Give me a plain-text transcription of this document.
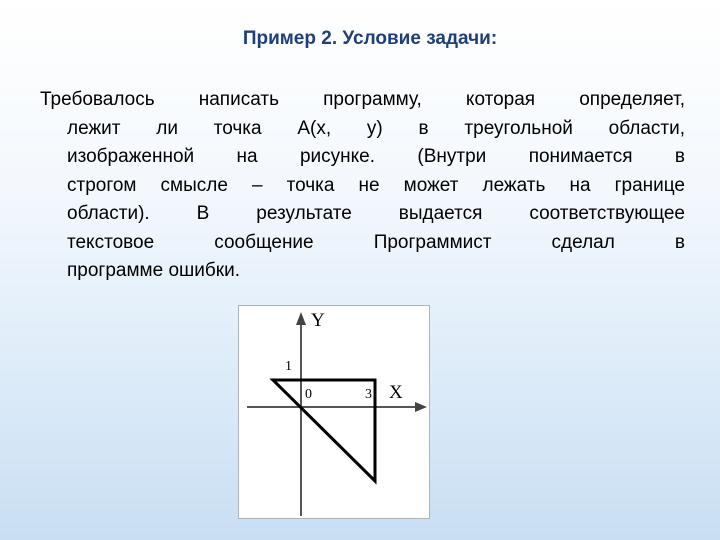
Пример 2. Условие задачи:
Требовалось написать программу, которая определяет,
лежит ли точка A(x, y) в треугольной области,
изображенной на рисунке. (Внутри понимается в
строгом смысле – точка не может лежать на границе
области). В результате выдается соответствующее
текстовое сообщение Программист сделал в
программе ошибки.
Y
X
1
0	3
